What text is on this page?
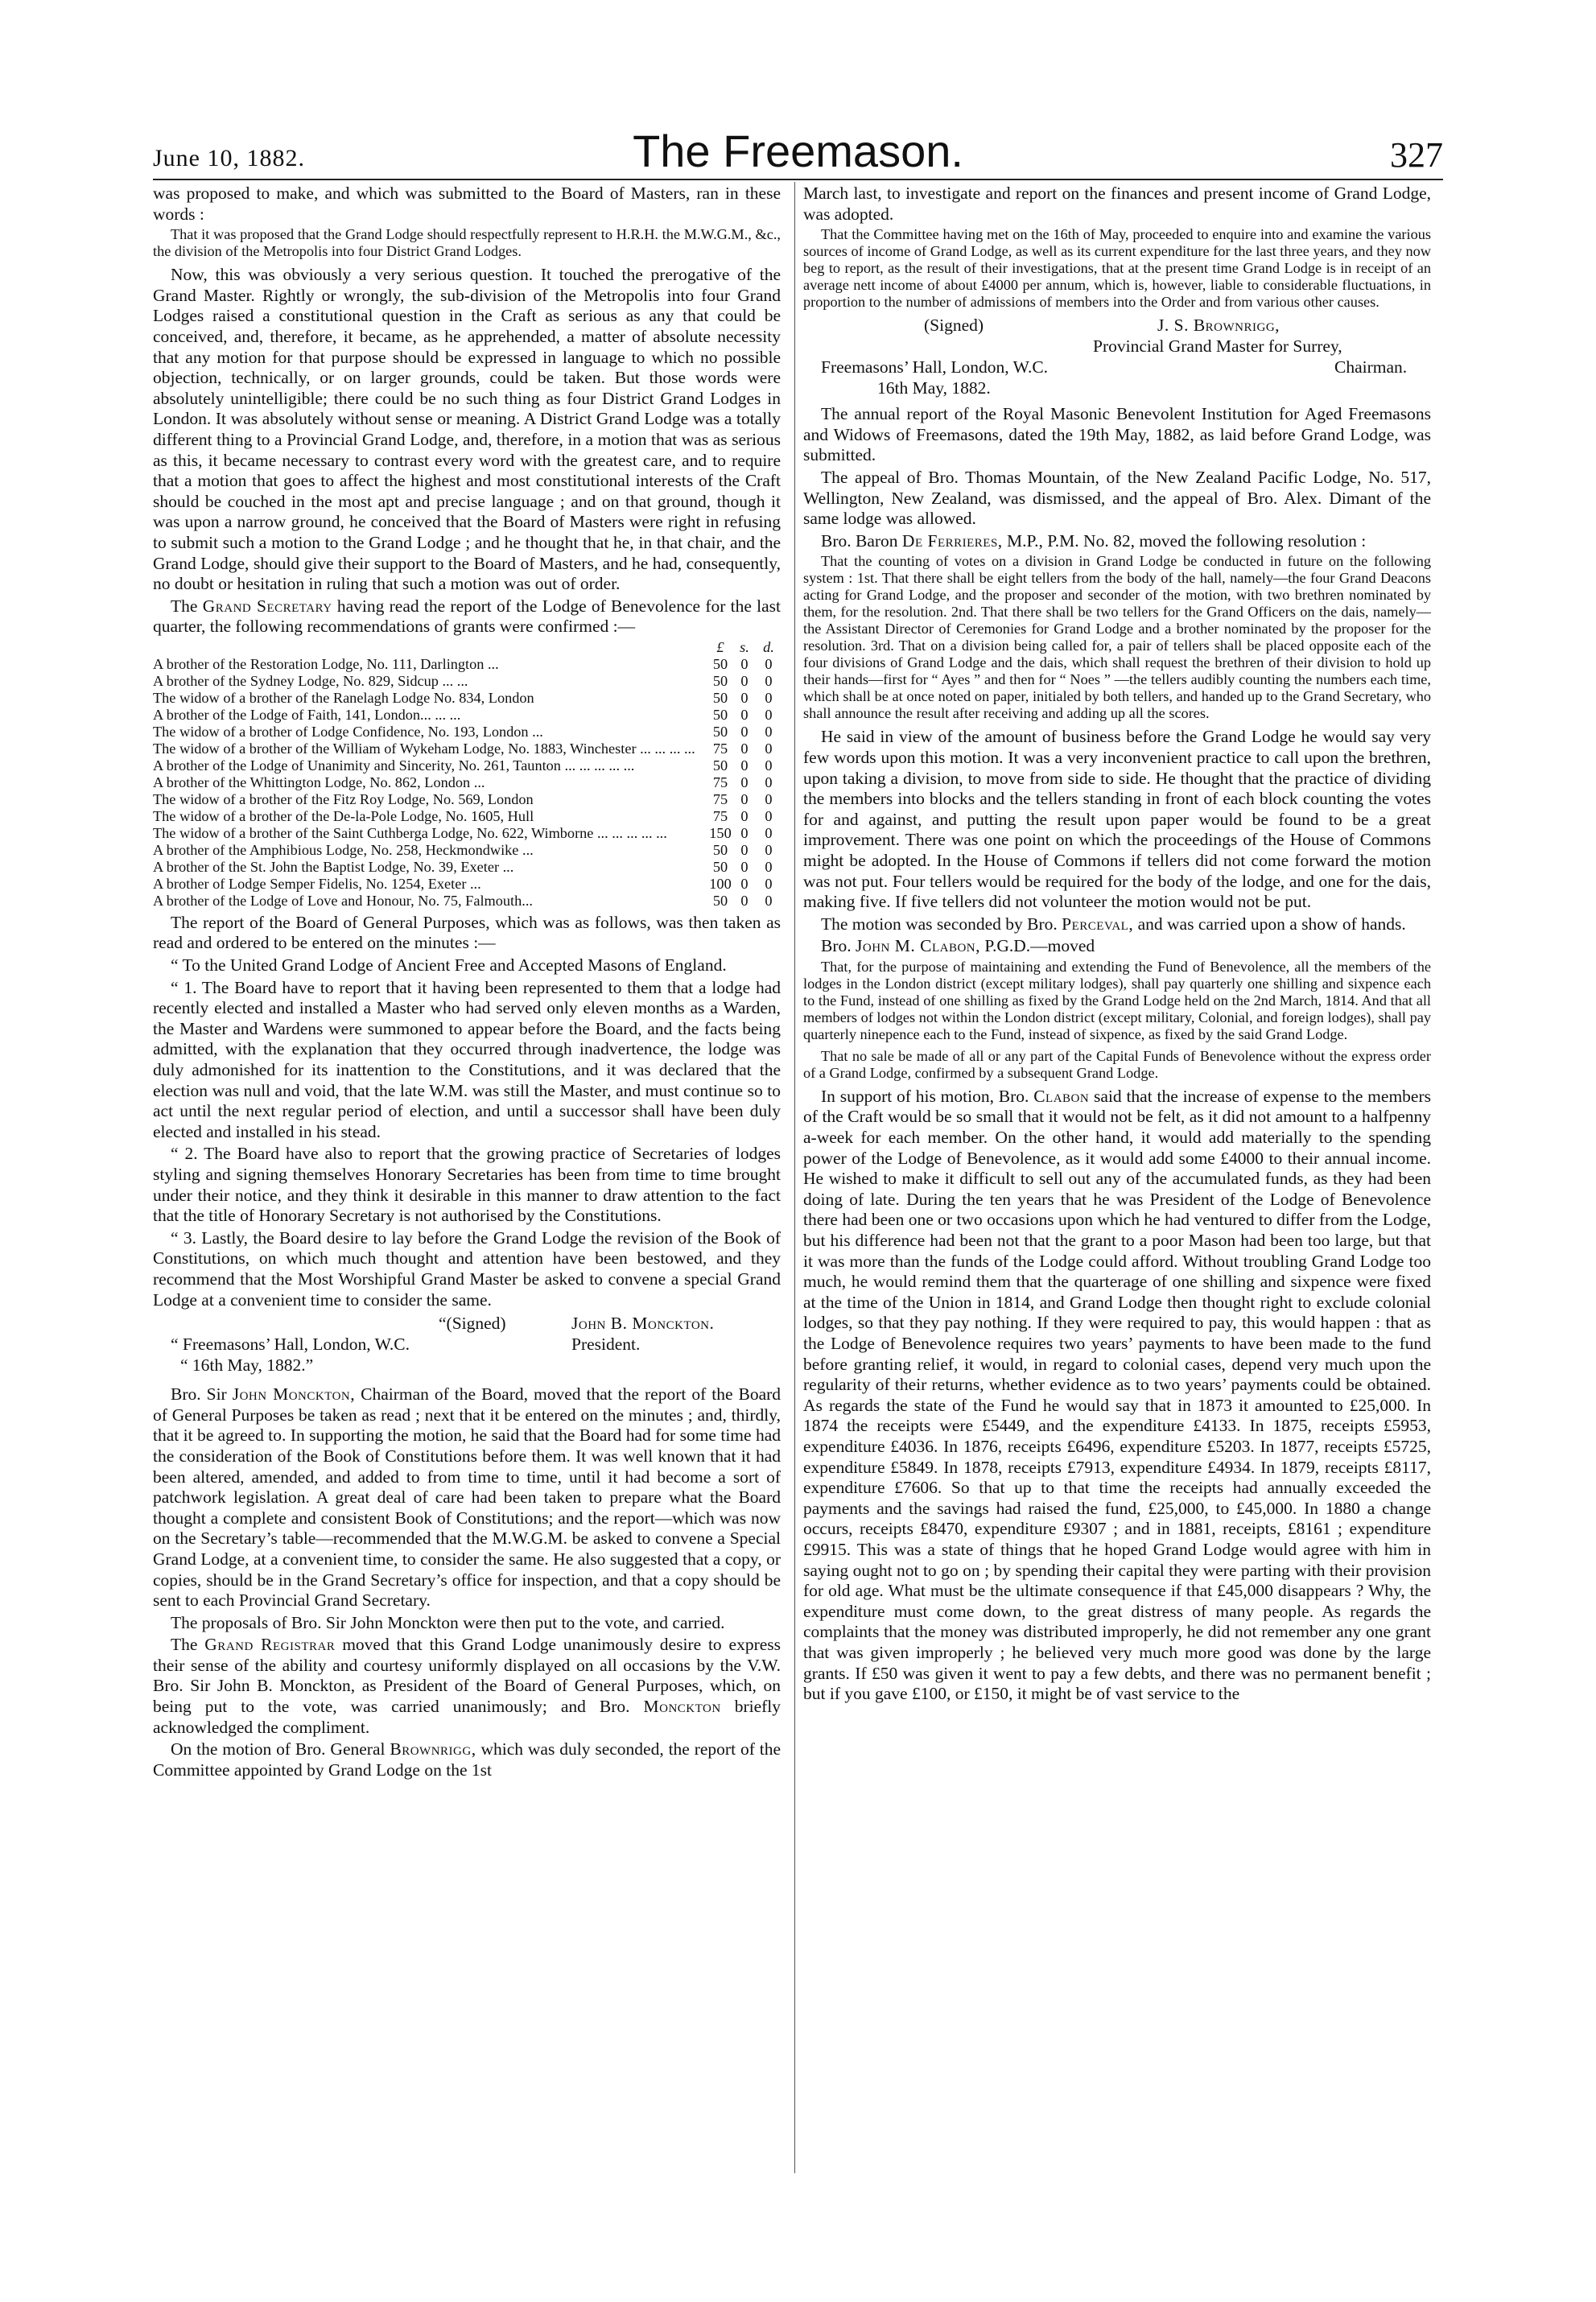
June 10, 1882.	The Freemason.	327

was proposed to make, and which was submitted to the Board of Masters, ran in these words :

That it was proposed that the Grand Lodge should respectfully represent to H.R.H. the M.W.G.M., &c., the division of the Metropolis into four District Grand Lodges.

Now, this was obviously a very serious question. It touched the prerogative of the Grand Master. Rightly or wrongly, the sub-division of the Metropolis into four Grand Lodges raised a constitutional question in the Craft as serious as any that could be conceived, and, therefore, it became, as he apprehended, a matter of absolute necessity that any motion for that purpose should be expressed in language to which no possible objection, technically, or on larger grounds, could be taken. But those words were absolutely unintelligible; there could be no such thing as four District Grand Lodges in London. It was absolutely without sense or meaning. A District Grand Lodge was a totally different thing to a Provincial Grand Lodge, and, therefore, in a motion that was as serious as this, it became necessary to contrast every word with the greatest care, and to require that a motion that goes to affect the highest and most constitutional interests of the Craft should be couched in the most apt and precise language ; and on that ground, though it was upon a narrow ground, he conceived that the Board of Masters were right in refusing to submit such a motion to the Grand Lodge ; and he thought that he, in that chair, and the Grand Lodge, should give their support to the Board of Masters, and he had, consequently, no doubt or hesitation in ruling that such a motion was out of order.

The Grand Secretary having read the report of the Lodge of Benevolence for the last quarter, the following recommendations of grants were confirmed :—

	£	s.	d.
A brother of the Restoration Lodge, No. 111, Darlington ...	50	0	0
A brother of the Sydney Lodge, No. 829, Sidcup ... ...	50	0	0
The widow of a brother of the Ranelagh Lodge No. 834, London	50	0	0
A brother of the Lodge of Faith, 141, London... ... ...	50	0	0
The widow of a brother of Lodge Confidence, No. 193, London ...	50	0	0
The widow of a brother of the William of Wykeham Lodge, No. 1883, Winchester ... ... ... ...	75	0	0
A brother of the Lodge of Unanimity and Sincerity, No. 261, Taunton ... ... ... ... ...	50	0	0
A brother of the Whittington Lodge, No. 862, London ...	75	0	0
The widow of a brother of the Fitz Roy Lodge, No. 569, London	75	0	0
The widow of a brother of the De-la-Pole Lodge, No. 1605, Hull	75	0	0
The widow of a brother of the Saint Cuthberga Lodge, No. 622, Wimborne ... ... ... ... ...	150	0	0
A brother of the Amphibious Lodge, No. 258, Heckmondwike ...	50	0	0
A brother of the St. John the Baptist Lodge, No. 39, Exeter ...	50	0	0
A brother of Lodge Semper Fidelis, No. 1254, Exeter ...	100	0	0
A brother of the Lodge of Love and Honour, No. 75, Falmouth...	50	0	0

The report of the Board of General Purposes, which was as follows, was then taken as read and ordered to be entered on the minutes :—

“ To the United Grand Lodge of Ancient Free and Accepted Masons of England.

“ 1. The Board have to report that it having been represented to them that a lodge had recently elected and installed a Master who had served only eleven months as a Warden, the Master and Wardens were summoned to appear before the Board, and the facts being admitted, with the explanation that they occurred through inadvertence, the lodge was duly admonished for its inattention to the Constitutions, and it was declared that the election was null and void, that the late W.M. was still the Master, and must continue so to act until the next regular period of election, and until a successor shall have been duly elected and installed in his stead.

“ 2. The Board have also to report that the growing practice of Secretaries of lodges styling and signing themselves Honorary Secretaries has been from time to time brought under their notice, and they think it desirable in this manner to draw attention to the fact that the title of Honorary Secretary is not authorised by the Constitutions.

“ 3. Lastly, the Board desire to lay before the Grand Lodge the revision of the Book of Constitutions, on which much thought and attention have been bestowed, and they recommend that the Most Worshipful Grand Master be asked to convene a special Grand Lodge at a convenient time to consider the same.

“(Signed)	John B. Monckton.
“ Freemasons’ Hall, London, W.C.	President.
“ 16th May, 1882.”

Bro. Sir John Monckton, Chairman of the Board, moved that the report of the Board of General Purposes be taken as read ; next that it be entered on the minutes ; and, thirdly, that it be agreed to. In supporting the motion, he said that the Board had for some time had the consideration of the Book of Constitutions before them. It was well known that it had been altered, amended, and added to from time to time, until it had become a sort of patchwork legislation. A great deal of care had been taken to prepare what the Board thought a complete and consistent Book of Constitutions; and the report—which was now on the Secretary’s table—recommended that the M.W.G.M. be asked to convene a Special Grand Lodge, at a convenient time, to consider the same. He also suggested that a copy, or copies, should be in the Grand Secretary’s office for inspection, and that a copy should be sent to each Provincial Grand Secretary.

The proposals of Bro. Sir John Monckton were then put to the vote, and carried.

The Grand Registrar moved that this Grand Lodge unanimously desire to express their sense of the ability and courtesy uniformly displayed on all occasions by the V.W. Bro. Sir John B. Monckton, as President of the Board of General Purposes, which, on being put to the vote, was carried unanimously; and Bro. Monckton briefly acknowledged the compliment.

On the motion of Bro. General Brownrigg, which was duly seconded, the report of the Committee appointed by Grand Lodge on the 1st

March last, to investigate and report on the finances and present income of Grand Lodge, was adopted.

That the Committee having met on the 16th of May, proceeded to enquire into and examine the various sources of income of Grand Lodge, as well as its current expenditure for the last three years, and they now beg to report, as the result of their investigations, that at the present time Grand Lodge is in receipt of an average nett income of about £4000 per annum, which is, however, liable to considerable fluctuations, in proportion to the number of admissions of members into the Order and from various other causes.

(Signed)	J. S. Brownrigg,
Provincial Grand Master for Surrey,
Freemasons’ Hall, London, W.C.	Chairman.
16th May, 1882.

The annual report of the Royal Masonic Benevolent Institution for Aged Freemasons and Widows of Freemasons, dated the 19th May, 1882, as laid before Grand Lodge, was submitted.

The appeal of Bro. Thomas Mountain, of the New Zealand Pacific Lodge, No. 517, Wellington, New Zealand, was dismissed, and the appeal of Bro. Alex. Dimant of the same lodge was allowed.

Bro. Baron De Ferrieres, M.P., P.M. No. 82, moved the following resolution :

That the counting of votes on a division in Grand Lodge be conducted in future on the following system : 1st. That there shall be eight tellers from the body of the hall, namely—the four Grand Deacons acting for Grand Lodge, and the proposer and seconder of the motion, with two brethren nominated by them, for the resolution. 2nd. That there shall be two tellers for the Grand Officers on the dais, namely—the Assistant Director of Ceremonies for Grand Lodge and a brother nominated by the proposer for the resolution. 3rd. That on a division being called for, a pair of tellers shall be placed opposite each of the four divisions of Grand Lodge and the dais, which shall request the brethren of their division to hold up their hands—first for “ Ayes ” and then for “ Noes ” —the tellers audibly counting the numbers each time, which shall be at once noted on paper, initialed by both tellers, and handed up to the Grand Secretary, who shall announce the result after receiving and adding up all the scores.

He said in view of the amount of business before the Grand Lodge he would say very few words upon this motion. It was a very inconvenient practice to call upon the brethren, upon taking a division, to move from side to side. He thought that the practice of dividing the members into blocks and the tellers standing in front of each block counting the votes for and against, and putting the result upon paper would be found to be a great improvement. There was one point on which the proceedings of the House of Commons might be adopted. In the House of Commons if tellers did not come forward the motion was not put. Four tellers would be required for the body of the lodge, and one for the dais, making five. If five tellers did not volunteer the motion would not be put.

The motion was seconded by Bro. Perceval, and was carried upon a show of hands.

Bro. John M. Clabon, P.G.D.—moved

That, for the purpose of maintaining and extending the Fund of Benevolence, all the members of the lodges in the London district (except military lodges), shall pay quarterly one shilling and sixpence each to the Fund, instead of one shilling as fixed by the Grand Lodge held on the 2nd March, 1814. And that all members of lodges not within the London district (except military, Colonial, and foreign lodges), shall pay quarterly ninepence each to the Fund, instead of sixpence, as fixed by the said Grand Lodge.

That no sale be made of all or any part of the Capital Funds of Benevolence without the express order of a Grand Lodge, confirmed by a subsequent Grand Lodge.

In support of his motion, Bro. Clabon said that the increase of expense to the members of the Craft would be so small that it would not be felt, as it did not amount to a halfpenny a-week for each member. On the other hand, it would add materially to the spending power of the Lodge of Benevolence, as it would add some £4000 to their annual income. He wished to make it difficult to sell out any of the accumulated funds, as they had been doing of late. During the ten years that he was President of the Lodge of Benevolence there had been one or two occasions upon which he had ventured to differ from the Lodge, but his difference had been not that the grant to a poor Mason had been too large, but that it was more than the funds of the Lodge could afford. Without troubling Grand Lodge too much, he would remind them that the quarterage of one shilling and sixpence were fixed at the time of the Union in 1814, and Grand Lodge then thought right to exclude colonial lodges, so that they pay nothing. If they were required to pay, this would happen : that as the Lodge of Benevolence requires two years’ payments to have been made to the fund before granting relief, it would, in regard to colonial cases, depend very much upon the regularity of their returns, whether evidence as to two years’ payments could be obtained. As regards the state of the Fund he would say that in 1873 it amounted to £25,000. In 1874 the receipts were £5449, and the expenditure £4133. In 1875, receipts £5953, expenditure £4036. In 1876, receipts £6496, expenditure £5203. In 1877, receipts £5725, expenditure £5849. In 1878, receipts £7913, expenditure £4934. In 1879, receipts £8117, expenditure £7606. So that up to that time the receipts had annually exceeded the payments and the savings had raised the fund, £25,000, to £45,000. In 1880 a change occurs, receipts £8470, expenditure £9307 ; and in 1881, receipts, £8161 ; expenditure £9915. This was a state of things that he hoped Grand Lodge would agree with him in saying ought not to go on ; by spending their capital they were parting with their provision for old age. What must be the ultimate consequence if that £45,000 disappears ? Why, the expenditure must come down, to the great distress of many people. As regards the complaints that the money was distributed improperly, he did not remember any one grant that was given improperly ; he believed very much more good was done by the large grants. If £50 was given it went to pay a few debts, and there was no permanent benefit ; but if you gave £100, or £150, it might be of vast service to the
